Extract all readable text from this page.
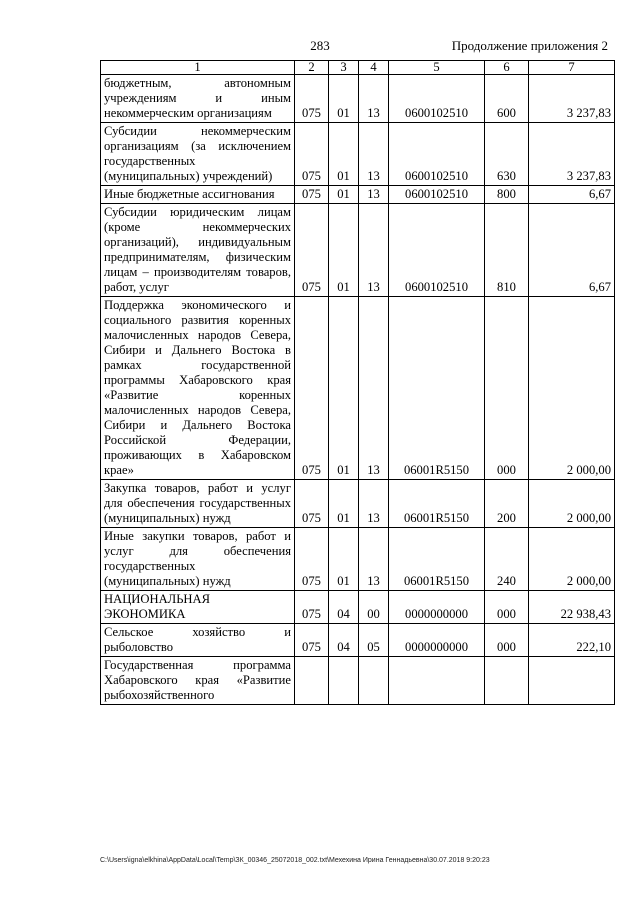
283	Продолжение приложения 2
1	2	3	4	5	6	7
бюджетным, автономным учреждениям и иным некоммерческим организациям	075	01	13	0600102510	600	3 237,83
Субсидии некоммерческим организациям (за исключением государственных (муниципальных) учреждений)	075	01	13	0600102510	630	3 237,83
Иные бюджетные ассигнования	075	01	13	0600102510	800	6,67
Субсидии юридическим лицам (кроме некоммерческих организаций), индивидуальным предпринимателям, физическим лицам – производителям товаров, работ, услуг	075	01	13	0600102510	810	6,67
Поддержка экономического и социального развития коренных малочисленных народов Севера, Сибири и Дальнего Востока в рамках государственной программы Хабаровского края «Развитие коренных малочисленных народов Севера, Сибири и Дальнего Востока Российской Федерации, проживающих в Хабаровском крае»	075	01	13	06001R5150	000	2 000,00
Закупка товаров, работ и услуг для обеспечения государственных (муниципальных) нужд	075	01	13	06001R5150	200	2 000,00
Иные закупки товаров, работ и услуг для обеспечения государственных (муниципальных) нужд	075	01	13	06001R5150	240	2 000,00
НАЦИОНАЛЬНАЯ ЭКОНОМИКА	075	04	00	0000000000	000	22 938,43
Сельское хозяйство и рыболовство	075	04	05	0000000000	000	222,10
Государственная программа Хабаровского края «Развитие рыбохозяйственного						
C:\Users\igna\elkhina\AppData\Local\Temp\ЗК_00346_25072018_002.txt\Мехехина Ирина Геннадьевна\30.07.2018 9:20:23
